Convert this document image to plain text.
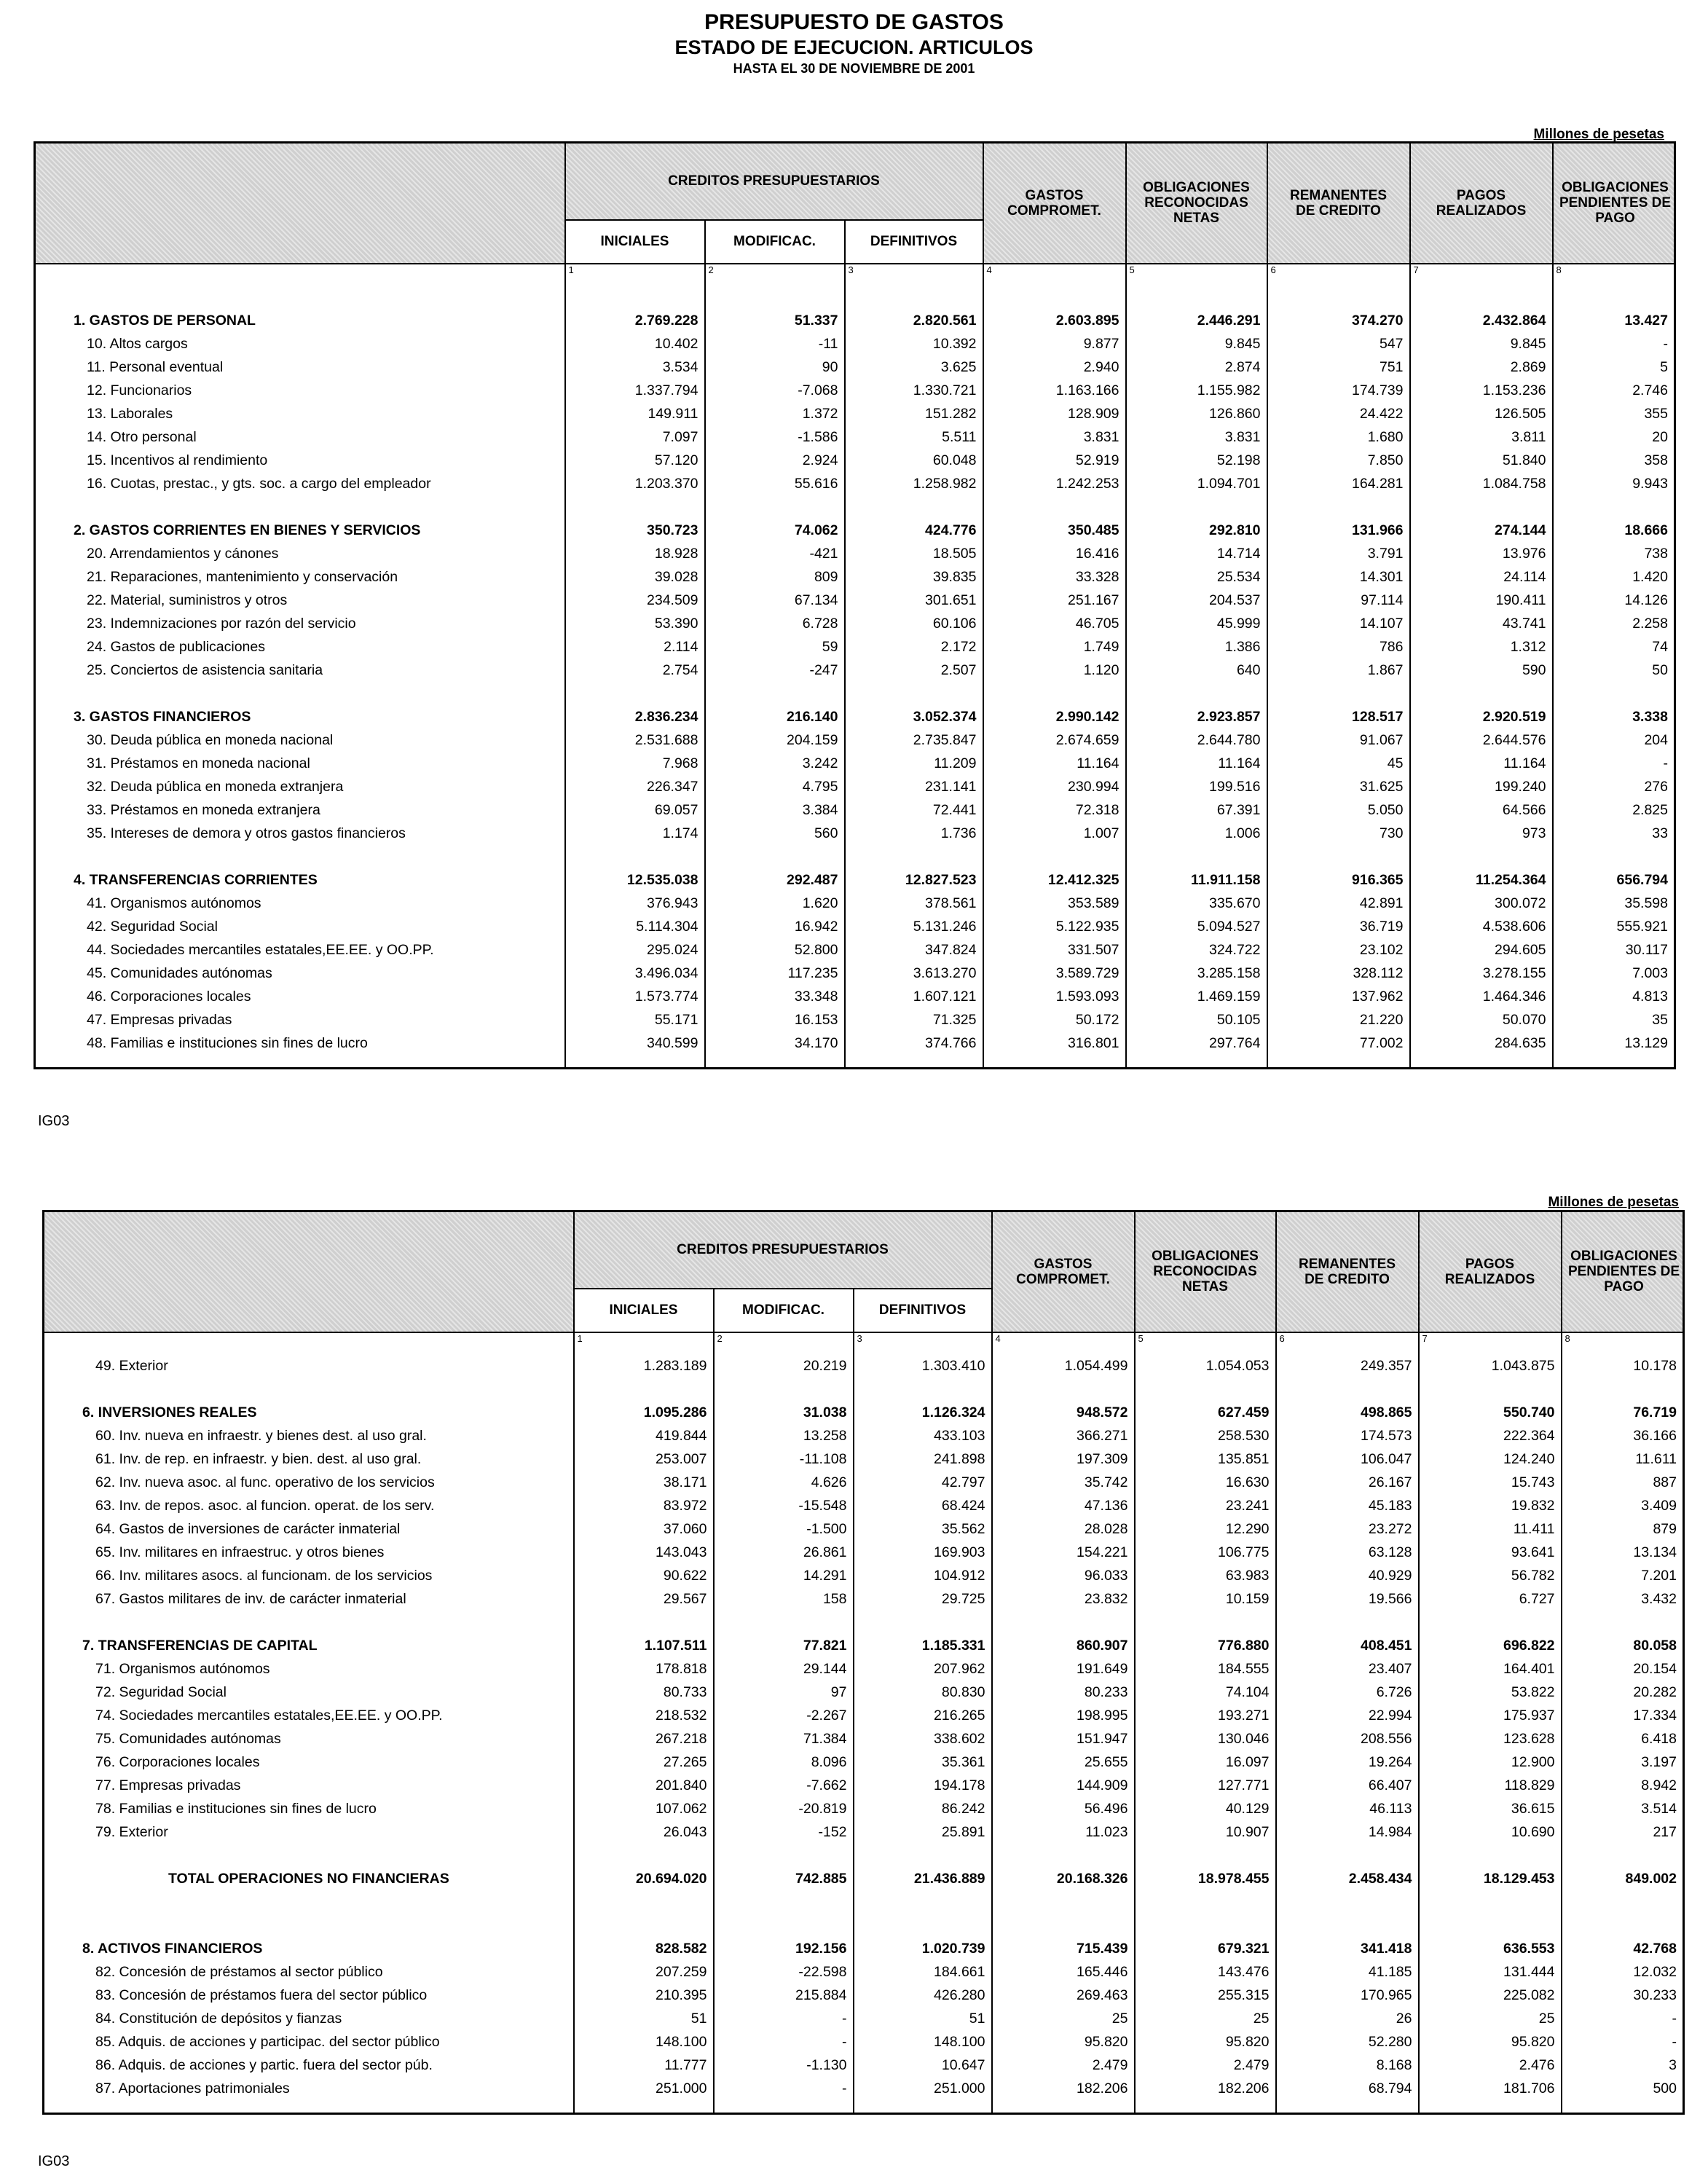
PRESUPUESTO DE GASTOS
ESTADO DE EJECUCION. ARTICULOS
HASTA EL 30 DE NOVIEMBRE DE 2001
Millones de pesetas
	CREDITOS PRESUPUESTARIOS			GASTOS COMPROMET.	OBLIGACIONES RECONOCIDAS NETAS	REMANENTES DE CREDITO	PAGOS REALIZADOS	OBLIGACIONES PENDIENTES DE PAGO

	INICIALES	MODIFICAC.	DEFINITIVOS					
	1	2	3	4	5	6	7	8

1. GASTOS DE PERSONAL	2.769.228	51.337	2.820.561	2.603.895	2.446.291	374.270	2.432.864	13.427
10. Altos cargos	10.402	-11	10.392	9.877	9.845	547	9.845	-
11. Personal eventual	3.534	90	3.625	2.940	2.874	751	2.869	5
12. Funcionarios	1.337.794	-7.068	1.330.721	1.163.166	1.155.982	174.739	1.153.236	2.746
13. Laborales	149.911	1.372	151.282	128.909	126.860	24.422	126.505	355
14. Otro personal	7.097	-1.586	5.511	3.831	3.831	1.680	3.811	20
15. Incentivos al rendimiento	57.120	2.924	60.048	52.919	52.198	7.850	51.840	358
16. Cuotas, prestac., y gts. soc. a cargo del empleador	1.203.370	55.616	1.258.982	1.242.253	1.094.701	164.281	1.084.758	9.943

2. GASTOS CORRIENTES EN BIENES Y SERVICIOS	350.723	74.062	424.776	350.485	292.810	131.966	274.144	18.666
20. Arrendamientos y cánones	18.928	-421	18.505	16.416	14.714	3.791	13.976	738
21. Reparaciones, mantenimiento y conservación	39.028	809	39.835	33.328	25.534	14.301	24.114	1.420
22. Material, suministros y otros	234.509	67.134	301.651	251.167	204.537	97.114	190.411	14.126
23. Indemnizaciones por razón del servicio	53.390	6.728	60.106	46.705	45.999	14.107	43.741	2.258
24. Gastos de publicaciones	2.114	59	2.172	1.749	1.386	786	1.312	74
25. Conciertos de asistencia sanitaria	2.754	-247	2.507	1.120	640	1.867	590	50

3. GASTOS FINANCIEROS	2.836.234	216.140	3.052.374	2.990.142	2.923.857	128.517	2.920.519	3.338
30. Deuda pública en moneda nacional	2.531.688	204.159	2.735.847	2.674.659	2.644.780	91.067	2.644.576	204
31. Préstamos en moneda nacional	7.968	3.242	11.209	11.164	11.164	45	11.164	-
32. Deuda pública en moneda extranjera	226.347	4.795	231.141	230.994	199.516	31.625	199.240	276
33. Préstamos en moneda extranjera	69.057	3.384	72.441	72.318	67.391	5.050	64.566	2.825
35. Intereses de demora y otros gastos financieros	1.174	560	1.736	1.007	1.006	730	973	33

4. TRANSFERENCIAS CORRIENTES	12.535.038	292.487	12.827.523	12.412.325	11.911.158	916.365	11.254.364	656.794
41. Organismos autónomos	376.943	1.620	378.561	353.589	335.670	42.891	300.072	35.598
42. Seguridad Social	5.114.304	16.942	5.131.246	5.122.935	5.094.527	36.719	4.538.606	555.921
44. Sociedades mercantiles estatales,EE.EE. y OO.PP.	295.024	52.800	347.824	331.507	324.722	23.102	294.605	30.117
45. Comunidades autónomas	3.496.034	117.235	3.613.270	3.589.729	3.285.158	328.112	3.278.155	7.003
46. Corporaciones locales	1.573.774	33.348	1.607.121	1.593.093	1.469.159	137.962	1.464.346	4.813
47. Empresas privadas	55.171	16.153	71.325	50.172	50.105	21.220	50.070	35
48. Familias e instituciones sin fines de lucro	340.599	34.170	374.766	316.801	297.764	77.002	284.635	13.129

IG03
Millones de pesetas
	CREDITOS PRESUPUESTARIOS			GASTOS COMPROMET.	OBLIGACIONES RECONOCIDAS NETAS	REMANENTES DE CREDITO	PAGOS REALIZADOS	OBLIGACIONES PENDIENTES DE PAGO

	INICIALES	MODIFICAC.	DEFINITIVOS					
	1	2	3	4	5	6	7	8
49. Exterior	1.283.189	20.219	1.303.410	1.054.499	1.054.053	249.357	1.043.875	10.178

6. INVERSIONES REALES	1.095.286	31.038	1.126.324	948.572	627.459	498.865	550.740	76.719
60. Inv. nueva en infraestr. y bienes dest. al uso gral.	419.844	13.258	433.103	366.271	258.530	174.573	222.364	36.166
61. Inv. de rep. en infraestr. y bien. dest. al uso gral.	253.007	-11.108	241.898	197.309	135.851	106.047	124.240	11.611
62. Inv. nueva asoc. al func. operativo de los servicios	38.171	4.626	42.797	35.742	16.630	26.167	15.743	887
63. Inv. de repos. asoc. al funcion. operat. de los serv.	83.972	-15.548	68.424	47.136	23.241	45.183	19.832	3.409
64. Gastos de inversiones de carácter inmaterial	37.060	-1.500	35.562	28.028	12.290	23.272	11.411	879
65. Inv. militares en infraestruc. y otros bienes	143.043	26.861	169.903	154.221	106.775	63.128	93.641	13.134
66. Inv. militares asocs. al funcionam. de los servicios	90.622	14.291	104.912	96.033	63.983	40.929	56.782	7.201
67. Gastos militares de inv. de carácter inmaterial	29.567	158	29.725	23.832	10.159	19.566	6.727	3.432

7. TRANSFERENCIAS DE CAPITAL	1.107.511	77.821	1.185.331	860.907	776.880	408.451	696.822	80.058
71. Organismos autónomos	178.818	29.144	207.962	191.649	184.555	23.407	164.401	20.154
72. Seguridad Social	80.733	97	80.830	80.233	74.104	6.726	53.822	20.282
74. Sociedades mercantiles estatales,EE.EE. y OO.PP.	218.532	-2.267	216.265	198.995	193.271	22.994	175.937	17.334
75. Comunidades autónomas	267.218	71.384	338.602	151.947	130.046	208.556	123.628	6.418
76. Corporaciones locales	27.265	8.096	35.361	25.655	16.097	19.264	12.900	3.197
77. Empresas privadas	201.840	-7.662	194.178	144.909	127.771	66.407	118.829	8.942
78. Familias e instituciones sin fines de lucro	107.062	-20.819	86.242	56.496	40.129	46.113	36.615	3.514
79. Exterior	26.043	-152	25.891	11.023	10.907	14.984	10.690	217

TOTAL OPERACIONES NO FINANCIERAS	20.694.020	742.885	21.436.889	20.168.326	18.978.455	2.458.434	18.129.453	849.002

8. ACTIVOS FINANCIEROS	828.582	192.156	1.020.739	715.439	679.321	341.418	636.553	42.768
82. Concesión de préstamos al sector público	207.259	-22.598	184.661	165.446	143.476	41.185	131.444	12.032
83. Concesión de préstamos fuera del sector público	210.395	215.884	426.280	269.463	255.315	170.965	225.082	30.233
84. Constitución de depósitos y fianzas	51	-	51	25	25	26	25	-
85. Adquis. de acciones y participac. del sector público	148.100	-	148.100	95.820	95.820	52.280	95.820	-
86. Adquis. de acciones y partic. fuera del sector púb.	11.777	-1.130	10.647	2.479	2.479	8.168	2.476	3
87. Aportaciones patrimoniales	251.000	-	251.000	182.206	182.206	68.794	181.706	500

IG03
